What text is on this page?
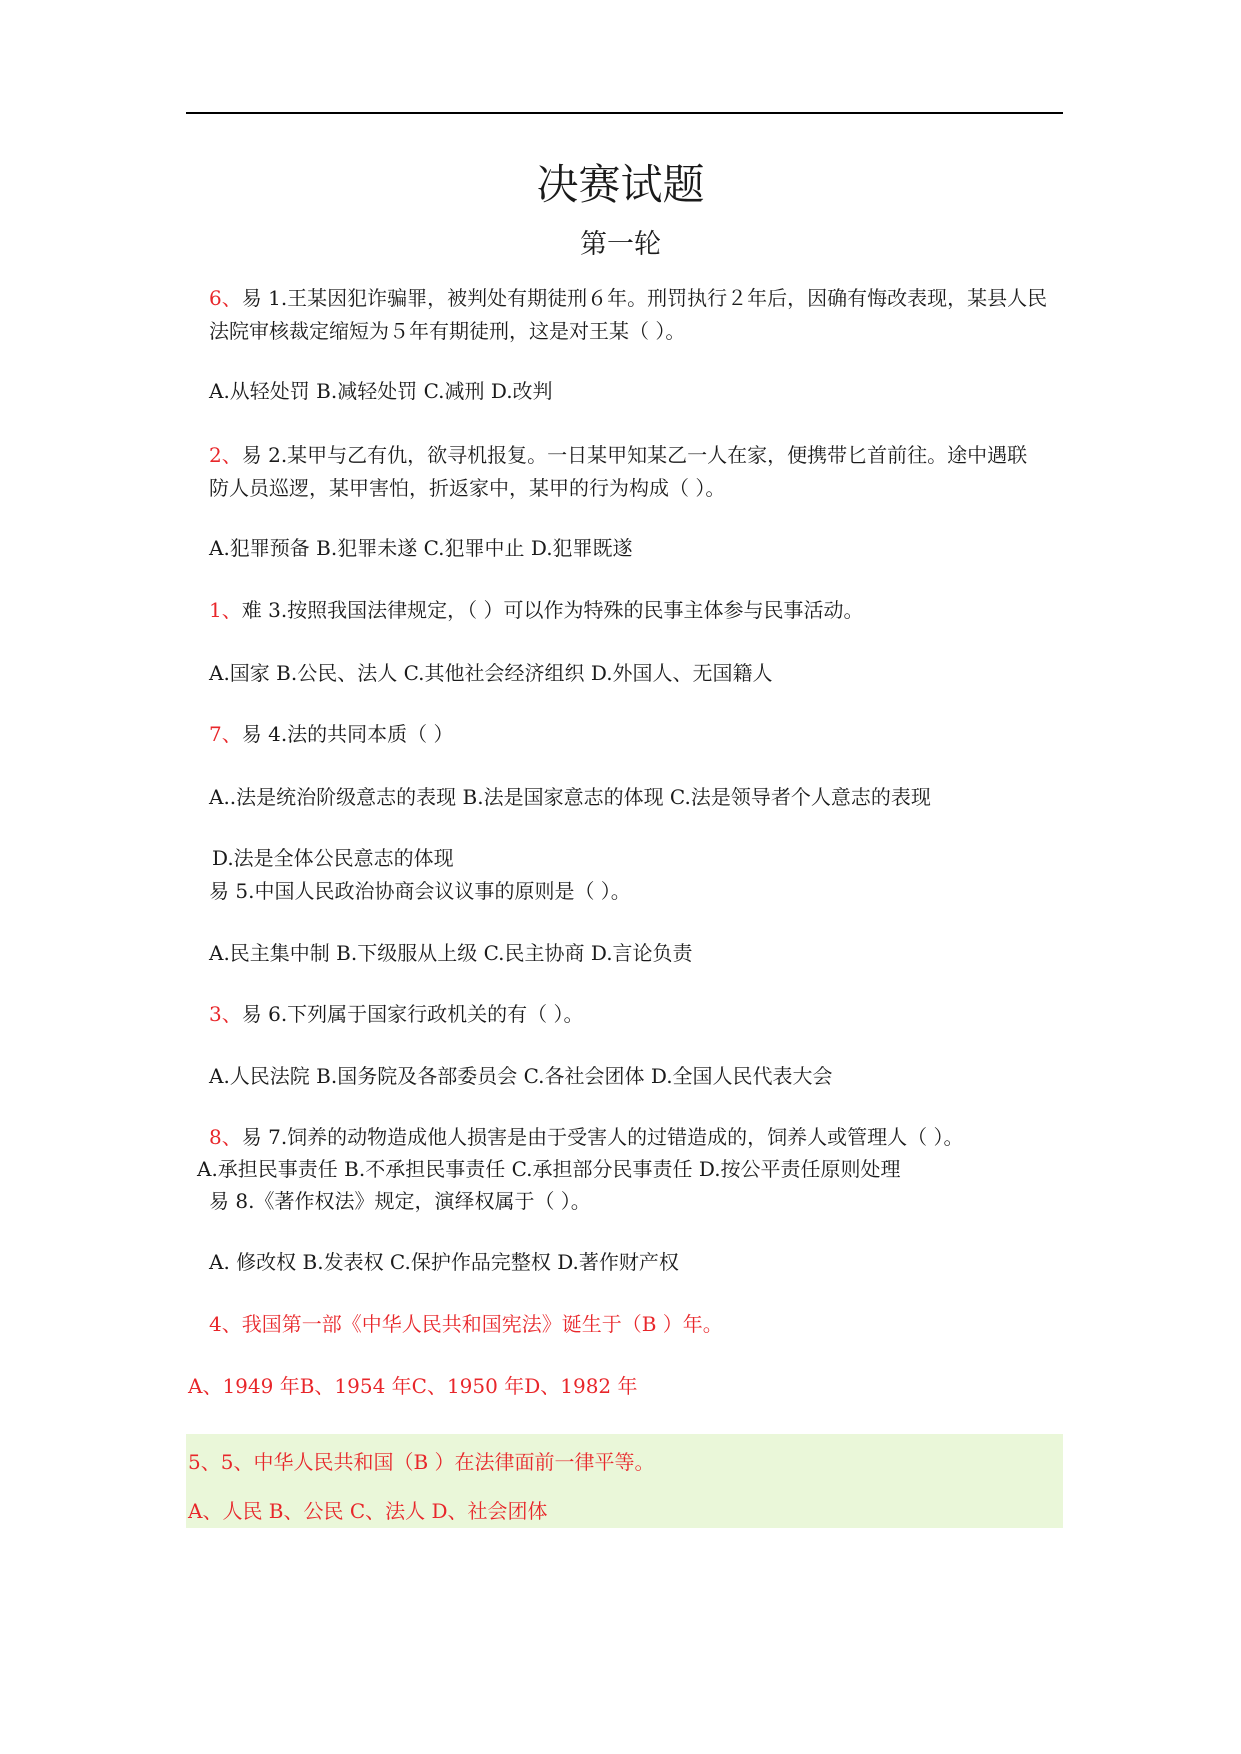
决赛试题
第一轮
6、易 1.王某因犯诈骗罪，被判处有期徒刑６年。刑罚执行２年后，因确有悔改表现，某县人民
法院审核裁定缩短为５年有期徒刑，这是对王某（ ）。
A.从轻处罚 B.减轻处罚 C.减刑 D.改判
2、易 2.某甲与乙有仇，欲寻机报复。一日某甲知某乙一人在家，便携带匕首前往。途中遇联
防人员巡逻，某甲害怕，折返家中，某甲的行为构成（ ）。
A.犯罪预备 B.犯罪未遂 C.犯罪中止 D.犯罪既遂
1、难 3.按照我国法律规定，（ ）可以作为特殊的民事主体参与民事活动。
A.国家 B.公民、法人 C.其他社会经济组织 D.外国人、无国籍人
7、易 4.法的共同本质（ ）
A..法是统治阶级意志的表现 B.法是国家意志的体现 C.法是领导者个人意志的表现
D.法是全体公民意志的体现
易 5.中国人民政治协商会议议事的原则是（ ）。
A.民主集中制 B.下级服从上级 C.民主协商 D.言论负责
3、易 6.下列属于国家行政机关的有（ ）。
A.人民法院 B.国务院及各部委员会 C.各社会团体 D.全国人民代表大会
8、易 7.饲养的动物造成他人损害是由于受害人的过错造成的，饲养人或管理人（ ）。
A.承担民事责任 B.不承担民事责任 C.承担部分民事责任 D.按公平责任原则处理
易 8.《著作权法》规定，演绎权属于（ ）。
A. 修改权 B.发表权 C.保护作品完整权 D.著作财产权
4、我国第一部《中华人民共和国宪法》诞生于（B ）年。
A、1949 年B、1954 年C、1950 年D、1982 年
5、5、中华人民共和国（B ）在法律面前一律平等。
A、人民 B、公民 C、法人 D、社会团体
